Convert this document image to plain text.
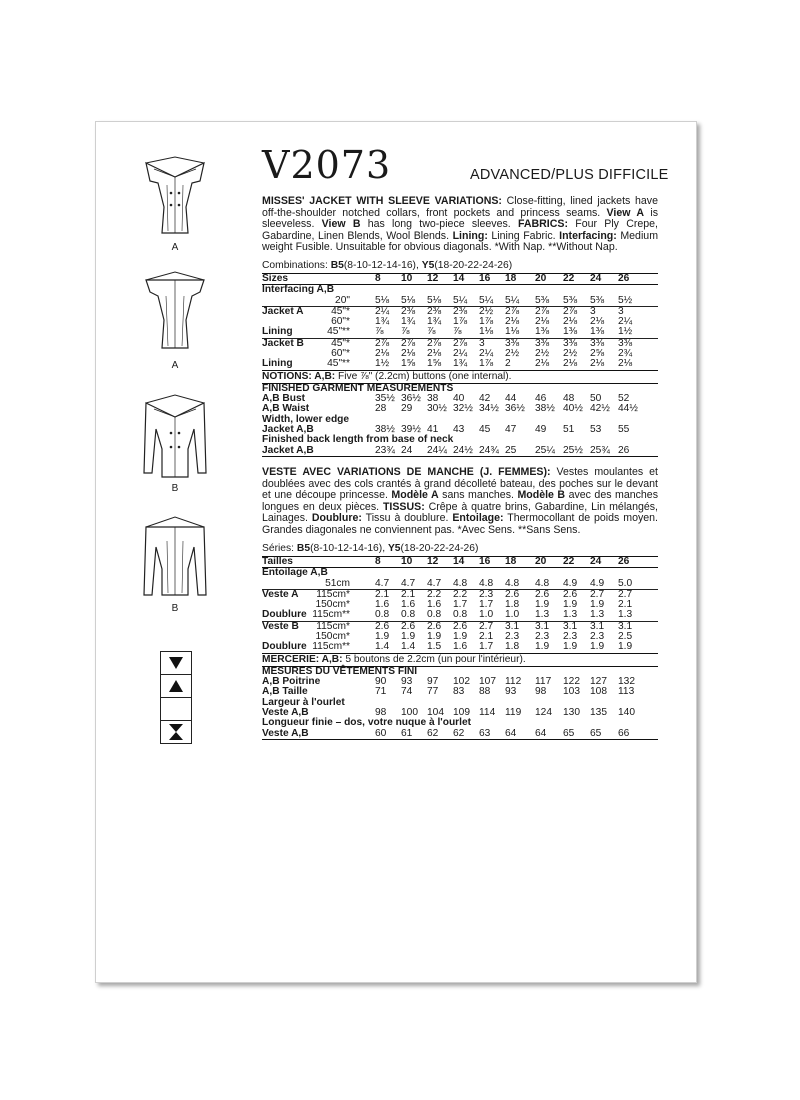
A
A
B
B
V2073	ADVANCED/PLUS DIFFICILE
MISSES' JACKET WITH SLEEVE VARIATIONS: Close-fitting, lined jackets have off-the-shoulder notched collars, front pockets and princess seams. View A is sleeveless. View B has long two-piece sleeves. FABRICS: Four Ply Crepe, Gabardine, Linen Blends, Wool Blends. Lining: Lining Fabric. Interfacing: Medium weight Fusible. Unsuitable for obvious diagonals. *With Nap. **Without Nap.
Combinations: B5(8-10-12-14-16), Y5(18-20-22-24-26)
Sizes	8	10	12	14	16	18	20	22	24	26
Interfacing A,B
20" 5⅛	5⅛	5⅛	5¼	5¼	5¼	5⅜	5⅜	5⅜	5½
Jacket A	45"* 2¼	2⅜	2⅜	2⅜	2½	2⅞	2⅞	2⅞	3	3
60"* 1¾	1¾	1¾	1⅞	1⅞	2⅛	2⅛	2⅛	2⅛	2¼
Lining	45"** ⅞	⅞	⅞	⅞	1⅛	1⅛	1⅜	1⅜	1⅜	1½
Jacket B	45"* 2⅞	2⅞	2⅞	2⅞	3	3⅜	3⅜	3⅜	3⅜	3⅜
60"* 2⅛	2⅛	2⅛	2¼	2¼	2½	2½	2½	2⅝	2¾
Lining	45"** 1½	1⅝	1⅝	1¾	1⅞	2	2⅛	2⅛	2⅛	2⅛
NOTIONS: A,B: Five ⅞" (2.2cm) buttons (one internal).
FINISHED GARMENT MEASUREMENTS
A,B Bust	35½ 36½ 38	40	42	44	46	48	50	52
A,B Waist	28	29	30½ 32½ 34½ 36½ 38½ 40½ 42½ 44½
Width, lower edge
Jacket A,B	38½ 39½ 41	43	45	47	49	51	53	55
Finished back length from base of neck
Jacket A,B	23¾ 24	24¼ 24½ 24¾ 25	25¼ 25½ 25¾ 26
VESTE AVEC VARIATIONS DE MANCHE (J. FEMMES): Vestes moulantes et doublées avec des cols crantés à grand décolleté bateau, des poches sur le devant et une découpe princesse. Modèle A sans manches. Modèle B avec des manches longues en deux pièces. TISSUS: Crêpe à quatre brins, Gabardine, Lin mélangés, Lainages. Doublure: Tissu à doublure. Entoilage: Thermocollant de poids moyen. Grandes diagonales ne conviennent pas. *Avec Sens. **Sans Sens.
Séries: B5(8-10-12-14-16), Y5(18-20-22-24-26)
Tailles	8	10	12	14	16	18	20	22	24	26
Entoilage A,B
51cm 4.7	4.7	4.7	4.8	4.8	4.8	4.8	4.9	4.9	5.0
Veste A	115cm* 2.1	2.1	2.2	2.2	2.3	2.6	2.6	2.6	2.7	2.7
150cm* 1.6	1.6	1.6	1.7	1.7	1.8	1.9	1.9	1.9	2.1
Doublure 115cm** 0.8	0.8	0.8	0.8	1.0	1.0	1.3	1.3	1.3	1.3
Veste B	115cm* 2.6	2.6	2.6	2.6	2.7	3.1	3.1	3.1	3.1	3.1
150cm* 1.9	1.9	1.9	1.9	2.1	2.3	2.3	2.3	2.3	2.5
Doublure 115cm** 1.4	1.4	1.5	1.6	1.7	1.8	1.9	1.9	1.9	1.9
MERCERIE: A,B: 5 boutons de 2.2cm (un pour l'intérieur).
MESURES DU VÊTEMENTS FINI
A,B Poitrine	90	93	97	102 107 112	117	122 127	132
A,B Taille	71	74	77	83	88	93	98	103 108	113
Largeur à l'ourlet
Veste A,B	98	100 104 109 114 119	124	130 135	140
Longueur finie – dos, votre nuque à l'ourlet
Veste A,B	60	61	62	62	63	64	64	65	65	66
